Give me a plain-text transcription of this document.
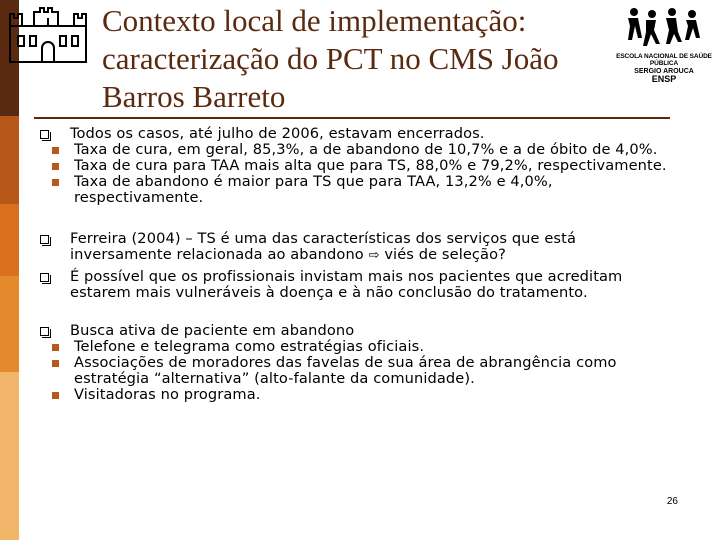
ESCOLA NACIONAL DE SAÚDE PÚBLICA
SERGIO AROUCA
ENSP
Contexto local de implementação: caracterização do PCT no CMS João Barros Barreto
Todos os casos, até julho de 2006, estavam encerrados.
Taxa de cura, em geral, 85,3%, a de abandono de 10,7% e a de óbito de 4,0%.
Taxa de cura para TAA mais alta que para TS, 88,0% e 79,2%, respectivamente.
Taxa de abandono é maior para TS que para TAA, 13,2% e 4,0%, respectivamente.
Ferreira (2004) – TS é uma das características dos serviços que está inversamente relacionada ao abandono ⇨ viés de seleção?
É possível que os profissionais invistam mais nos pacientes que acreditam estarem mais vulneráveis à doença e à não conclusão do tratamento.
Busca ativa de paciente em abandono
Telefone e telegrama como estratégias oficiais.
Associações de moradores das favelas de sua área de abrangência como estratégia “alternativa” (alto-falante da comunidade).
Visitadoras no programa.
26
